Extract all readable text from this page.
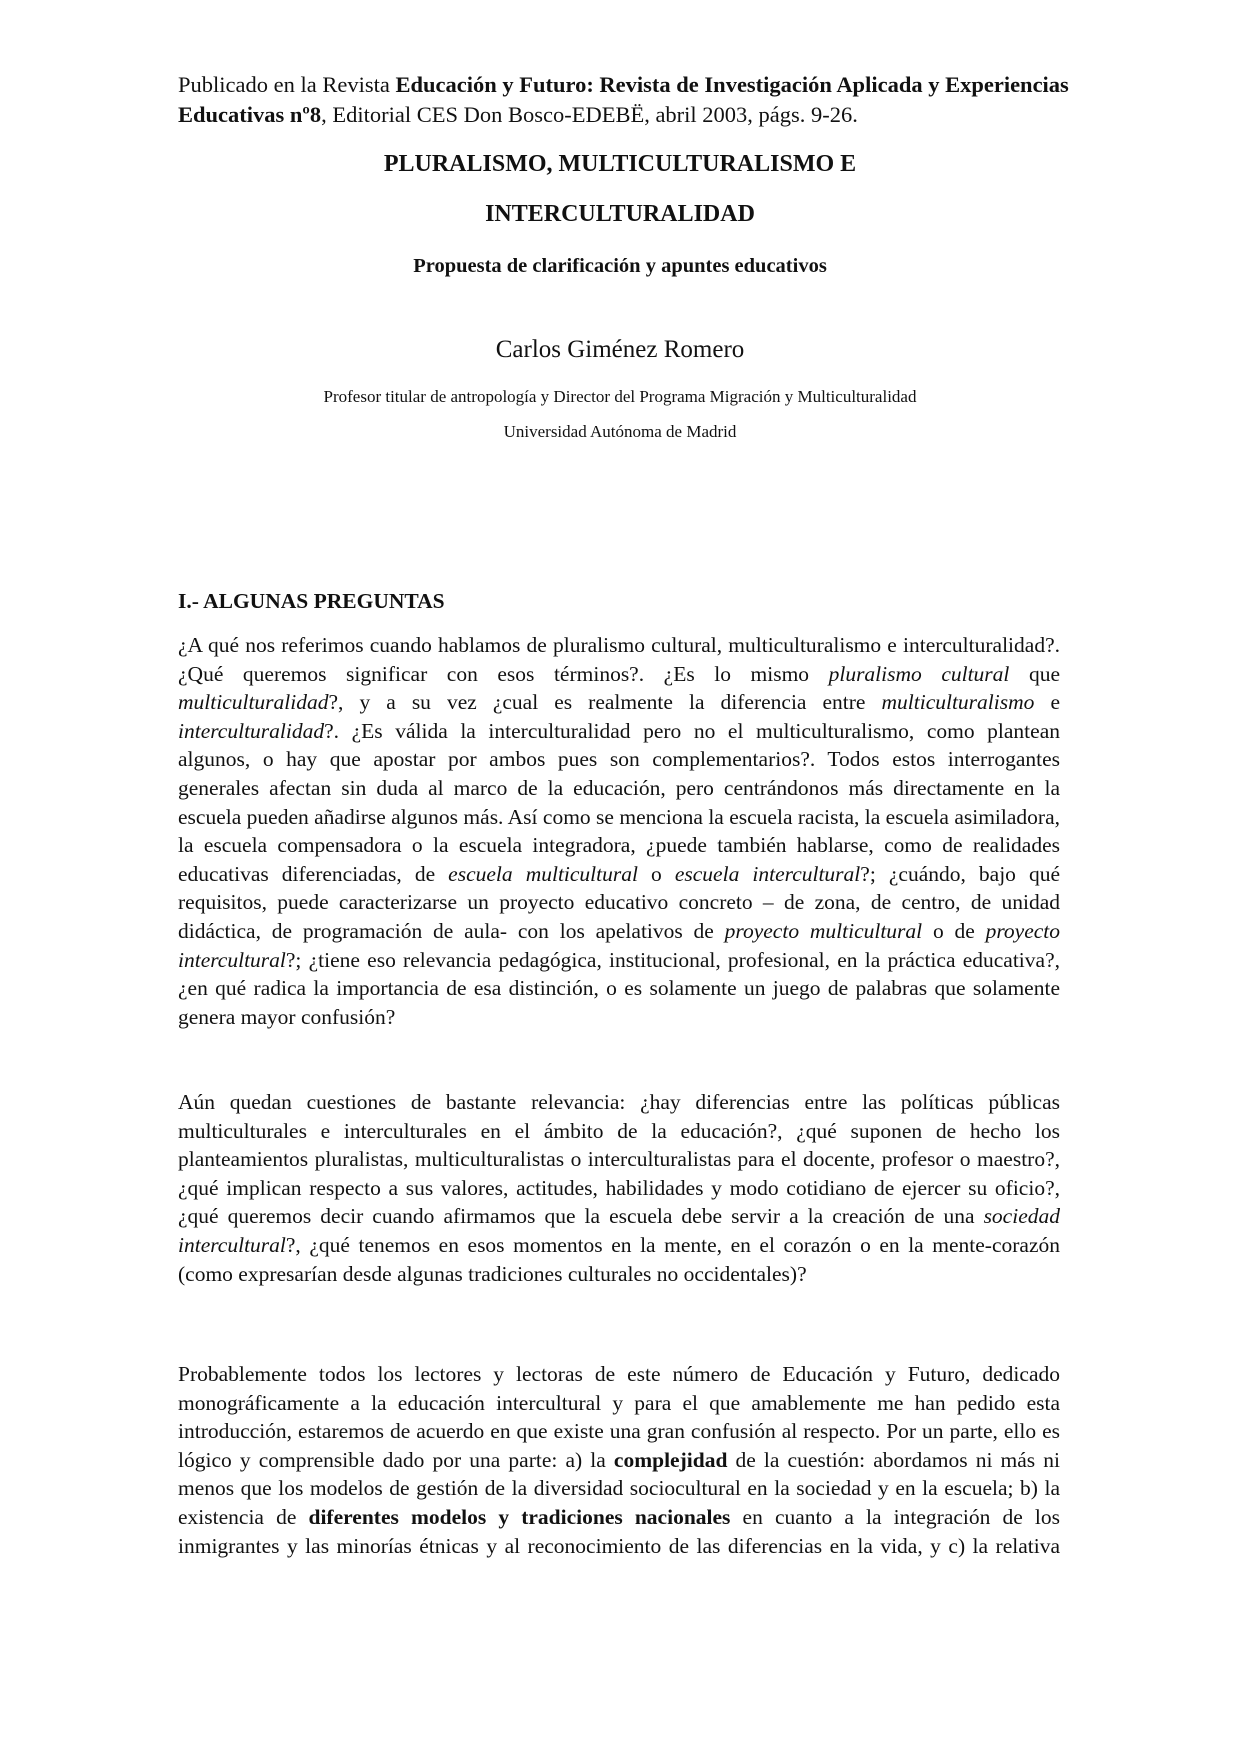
Publicado en la Revista Educación y Futuro: Revista de Investigación Aplicada y Experiencias Educativas nº8, Editorial CES Don Bosco-EDEBË, abril 2003, págs. 9-26.

PLURALISMO, MULTICULTURALISMO E
INTERCULTURALIDAD
Propuesta de clarificación y apuntes educativos
Carlos Giménez Romero
Profesor titular de antropología y Director del Programa Migración y Multiculturalidad
Universidad Autónoma de Madrid
I.- ALGUNAS PREGUNTAS

¿A qué nos referimos cuando hablamos de pluralismo cultural, multiculturalismo e interculturalidad?. ¿Qué queremos significar con esos términos?. ¿Es lo mismo pluralismo cultural que multiculturalidad?, y a su vez ¿cual es realmente la diferencia entre multiculturalismo e interculturalidad?. ¿Es válida la interculturalidad pero no el multiculturalismo, como plantean algunos, o hay que apostar por ambos pues son complementarios?. Todos estos interrogantes generales afectan sin duda al marco de la educación, pero centrándonos más directamente en la escuela pueden añadirse algunos más. Así como se menciona la escuela racista, la escuela asimiladora, la escuela compensadora o la escuela integradora, ¿puede también hablarse, como de realidades educativas diferenciadas, de escuela multicultural o escuela intercultural?; ¿cuándo, bajo qué requisitos, puede caracterizarse un proyecto educativo concreto – de zona, de centro, de unidad didáctica, de programación de aula- con los apelativos de proyecto multicultural o de proyecto intercultural?; ¿tiene eso relevancia pedagógica, institucional, profesional, en la práctica educativa?, ¿en qué radica la importancia de esa distinción, o es solamente un juego de palabras que solamente genera mayor confusión?

Aún quedan cuestiones de bastante relevancia: ¿hay diferencias entre las políticas públicas multiculturales e interculturales en el ámbito de la educación?, ¿qué suponen de hecho los planteamientos pluralistas, multiculturalistas o interculturalistas para el docente, profesor o maestro?, ¿qué implican respecto a sus valores, actitudes, habilidades y modo cotidiano de ejercer su oficio?, ¿qué queremos decir cuando afirmamos que la escuela debe servir a la creación de una sociedad intercultural?, ¿qué tenemos en esos momentos en la mente, en el corazón o en la mente-corazón (como expresarían desde algunas tradiciones culturales no occidentales)?

Probablemente todos los lectores y lectoras de este número de Educación y Futuro, dedicado monográficamente a la educación intercultural y para el que amablemente me han pedido esta introducción, estaremos de acuerdo en que existe una gran confusión al respecto. Por un parte, ello es lógico y comprensible dado por una parte: a) la complejidad de la cuestión: abordamos ni más ni menos que los modelos de gestión de la diversidad sociocultural en la sociedad y en la escuela; b) la existencia de diferentes modelos y tradiciones nacionales en cuanto a la integración de los inmigrantes y las minorías étnicas y al reconocimiento de las diferencias en la vida, y c) la relativa
